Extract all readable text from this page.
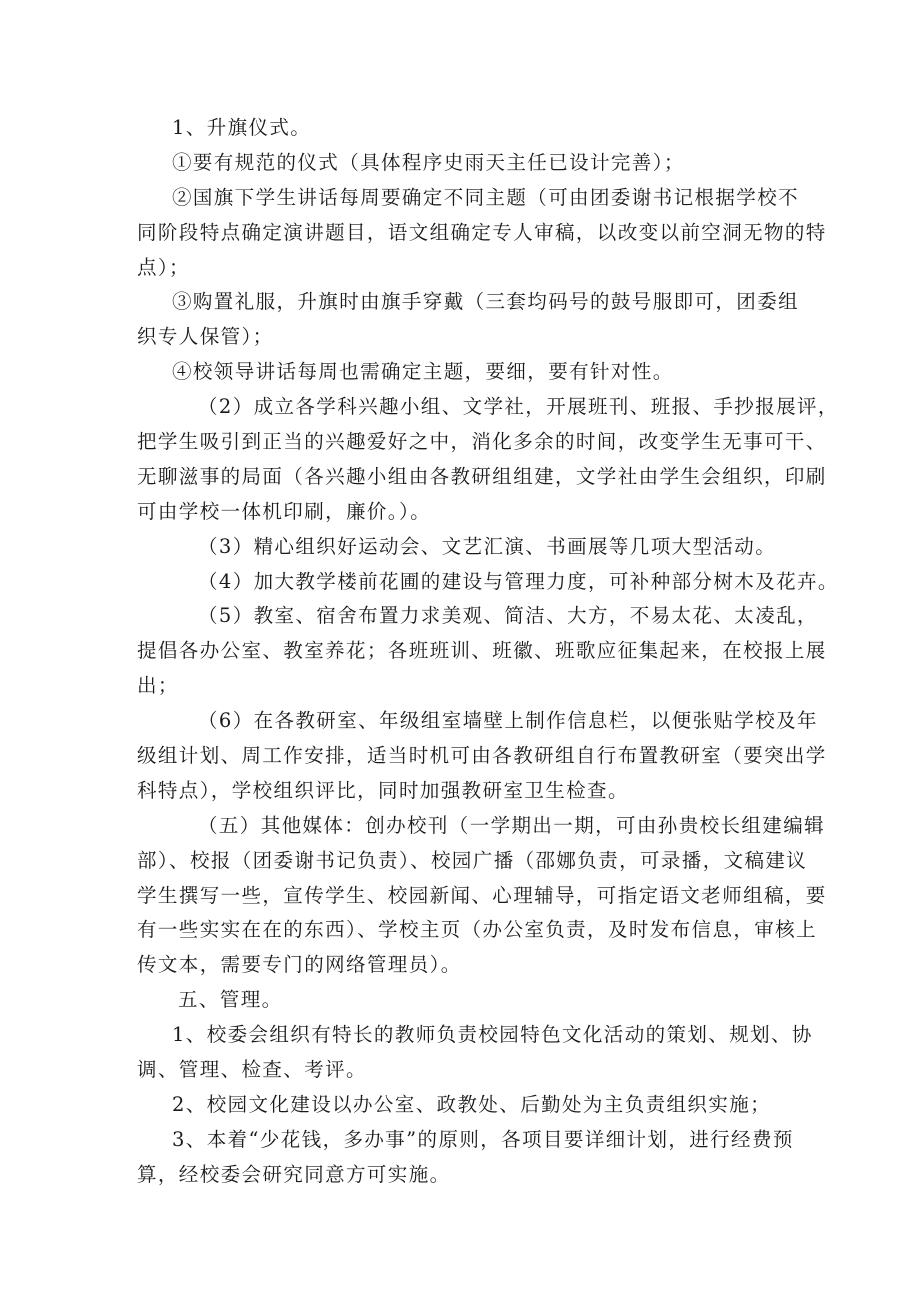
1、升旗仪式。
①要有规范的仪式（具体程序史雨天主任已设计完善）；
②国旗下学生讲话每周要确定不同主题（可由团委谢书记根据学校不
同阶段特点确定演讲题目，语文组确定专人审稿，以改变以前空洞无物的特
点）；
③购置礼服，升旗时由旗手穿戴（三套均码号的鼓号服即可，团委组
织专人保管）；
④校领导讲话每周也需确定主题，要细，要有针对性。
（2）成立各学科兴趣小组、文学社，开展班刊、班报、手抄报展评，
把学生吸引到正当的兴趣爱好之中，消化多余的时间，改变学生无事可干、
无聊滋事的局面（各兴趣小组由各教研组组建，文学社由学生会组织，印刷
可由学校一体机印刷，廉价。）。
（3）精心组织好运动会、文艺汇演、书画展等几项大型活动。
（4）加大教学楼前花圃的建设与管理力度，可补种部分树木及花卉。
（5）教室、宿舍布置力求美观、简洁、大方，不易太花、太凌乱，
提倡各办公室、教室养花；各班班训、班徽、班歌应征集起来，在校报上展
出；
（6）在各教研室、年级组室墙壁上制作信息栏，以便张贴学校及年
级组计划、周工作安排，适当时机可由各教研组自行布置教研室（要突出学
科特点），学校组织评比，同时加强教研室卫生检查。
（五）其他媒体：创办校刊（一学期出一期，可由孙贵校长组建编辑
部）、校报（团委谢书记负责）、校园广播（邵娜负责，可录播，文稿建议
学生撰写一些，宣传学生、校园新闻、心理辅导，可指定语文老师组稿，要
有一些实实在在的东西）、学校主页（办公室负责，及时发布信息，审核上
传文本，需要专门的网络管理员）。
五、管理。
1、校委会组织有特长的教师负责校园特色文化活动的策划、规划、协
调、管理、检查、考评。
2、校园文化建设以办公室、政教处、后勤处为主负责组织实施；
3、本着“少花钱，多办事”的原则，各项目要详细计划，进行经费预
算，经校委会研究同意方可实施。
